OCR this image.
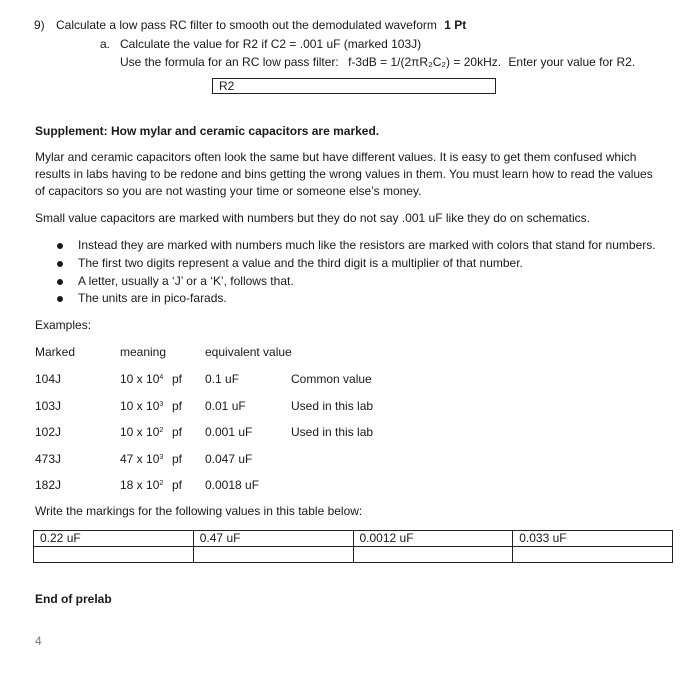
9) Calculate a low pass RC filter to smooth out the demodulated waveform 1 Pt
a. Calculate the value for R2 if C2 = .001 uF (marked 103J)
Use the formula for an RC low pass filter: f-3dB = 1/(2πR₂C₂) = 20kHz. Enter your value for R2.
R2
Supplement: How mylar and ceramic capacitors are marked.
Mylar and ceramic capacitors often look the same but have different values. It is easy to get them confused which results in labs having to be redone and bins getting the wrong values in them. You must learn how to read the values of capacitors so you are not wasting your time or someone else’s money.
Small value capacitors are marked with numbers but they do not say .001 uF like they do on schematics.
Instead they are marked with numbers much like the resistors are marked with colors that stand for numbers.
The first two digits represent a value and the third digit is a multiplier of that number.
A letter, usually a ‘J’ or a ‘K’, follows that.
The units are in pico-farads.
Examples:
Marked	meaning	equivalent value
104J	10 x $10^4$ pf 0.1 uF	Common value
103J	10 x $10^3$ pf 0.01 uF	Used in this lab
102J	10 x $10^2$ pf 0.001 uF	Used in this lab
473J	47 x $10^3$ pf 0.047 uF
182J	18 x $10^2$ pf 0.0018 uF
Write the markings for the following values in this table below:
0.22 uF	0.47 uF	0.0012 uF	0.033 uF

End of prelab
4
